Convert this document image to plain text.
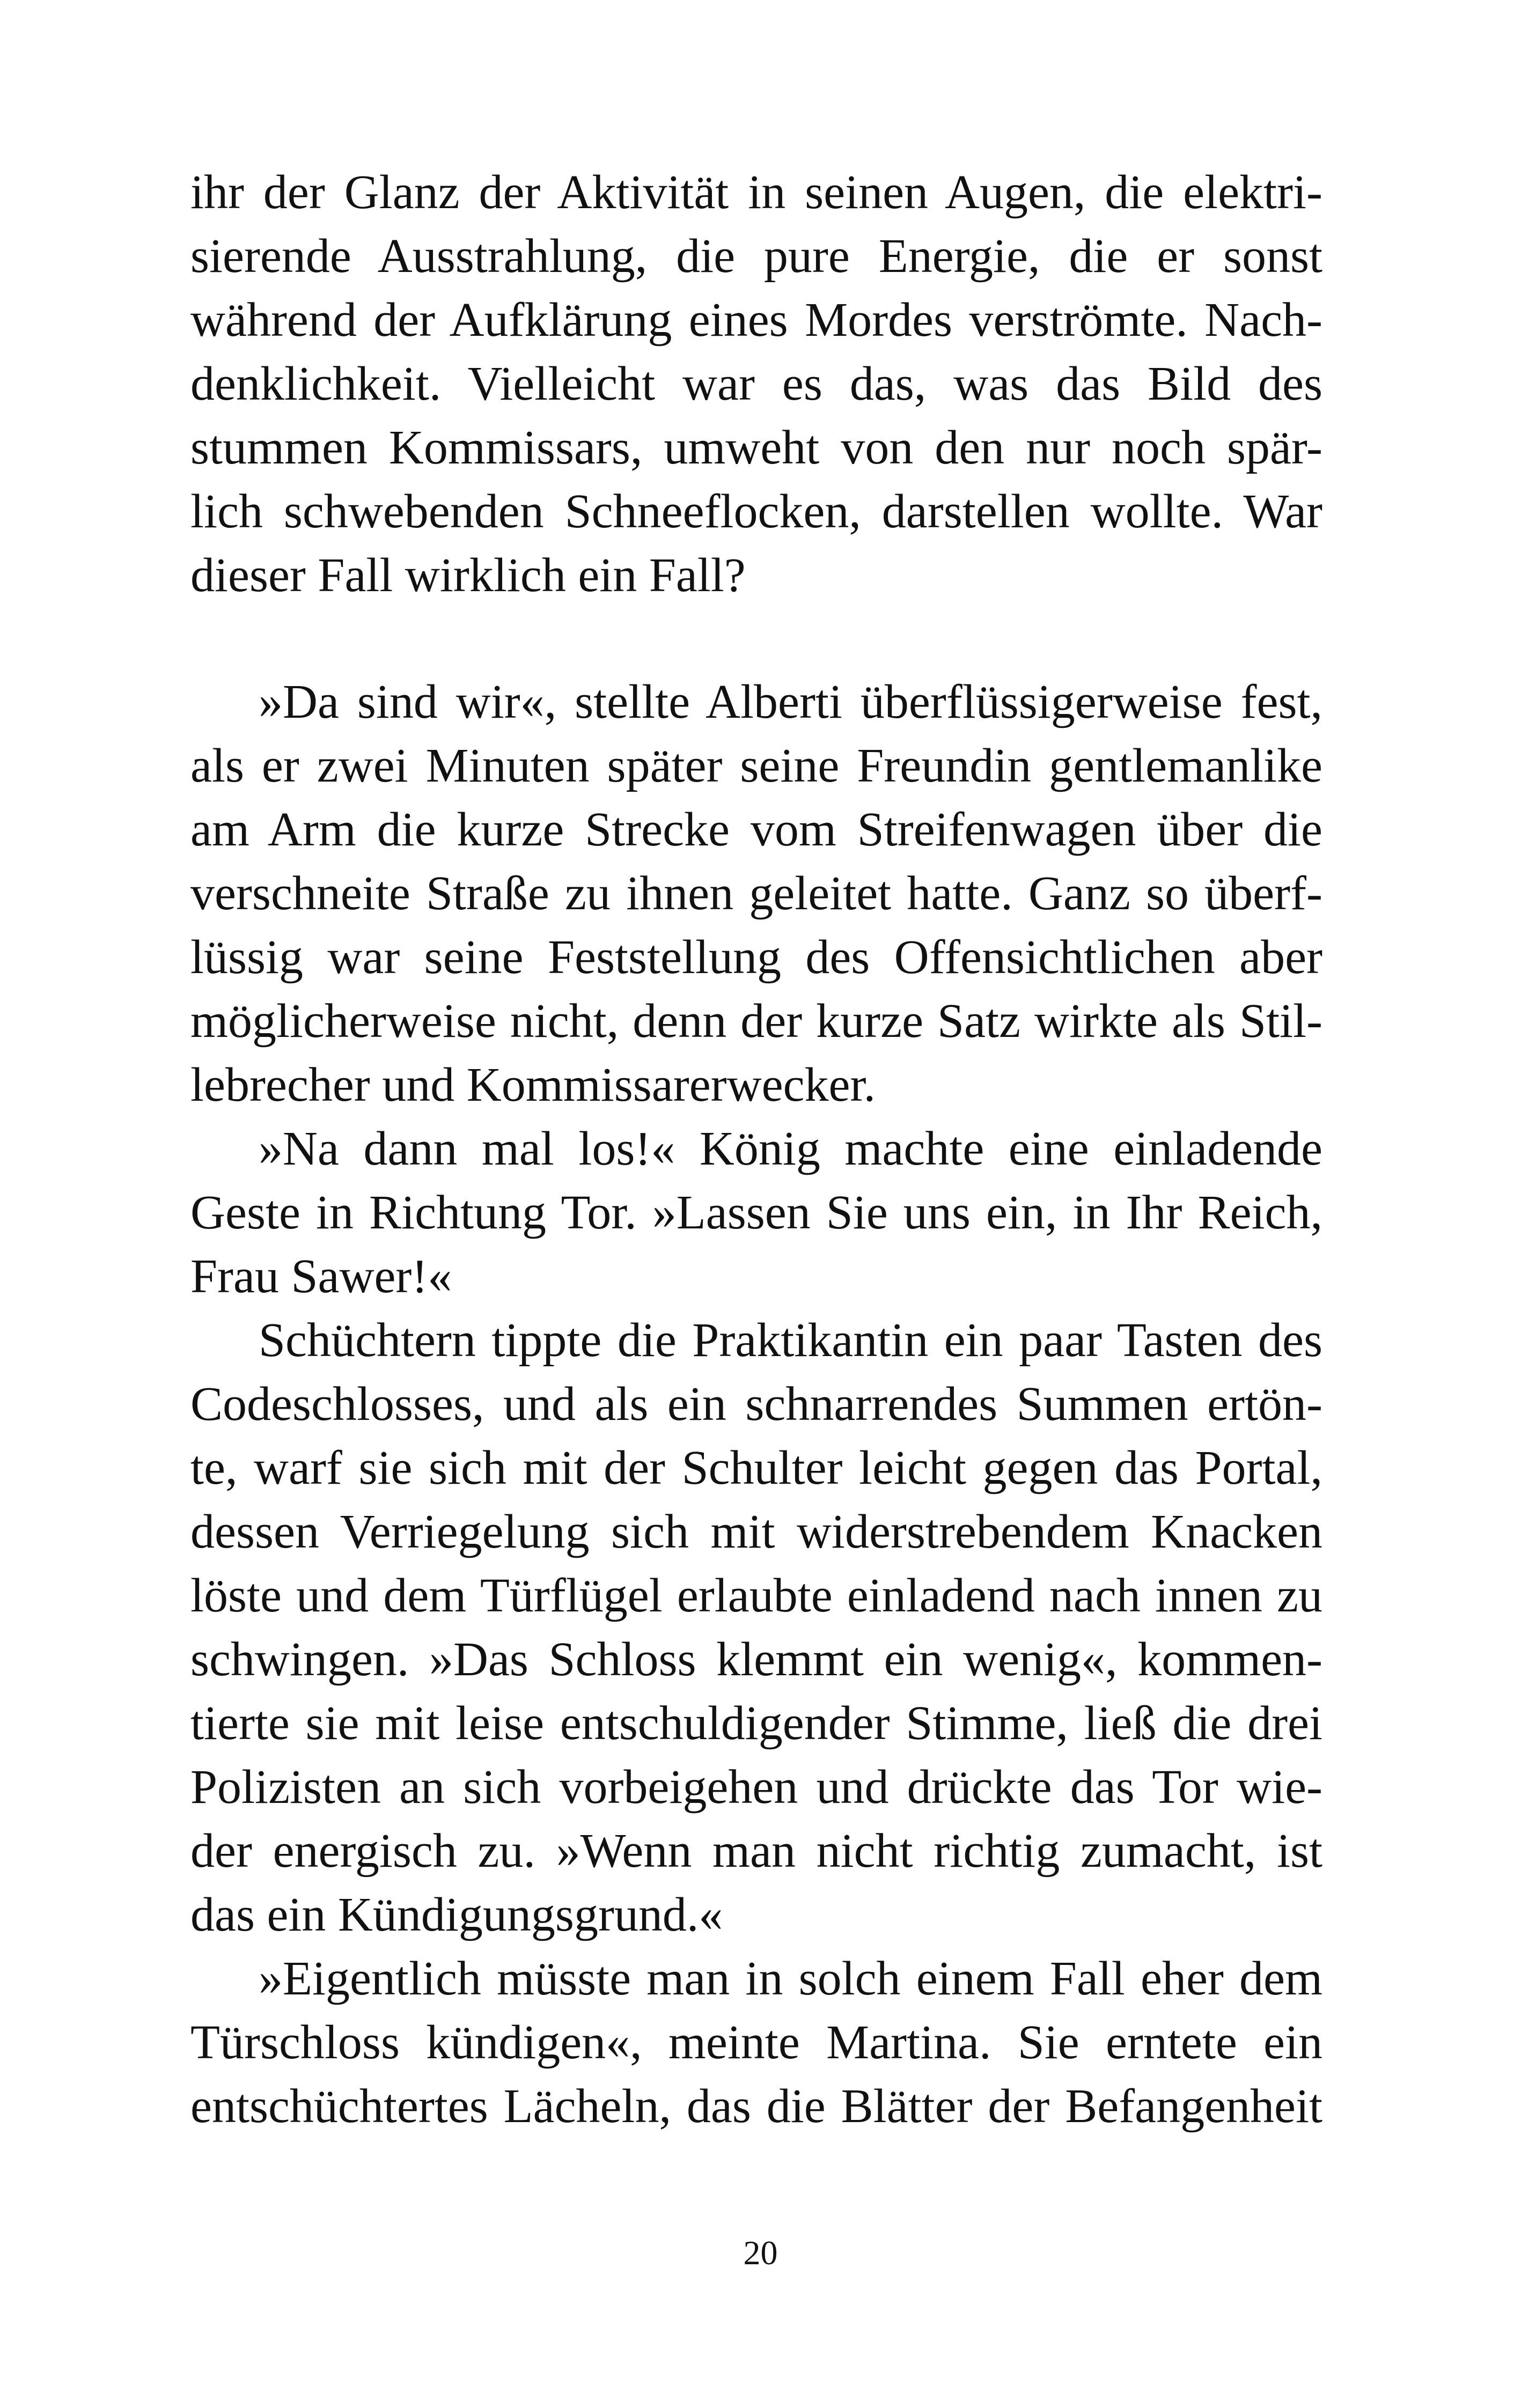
ihr der Glanz der Aktivität in seinen Augen, die elektri-
sierende Ausstrahlung, die pure Energie, die er sonst
während der Aufklärung eines Mordes verströmte. Nach-
denklichkeit. Vielleicht war es das, was das Bild des
stummen Kommissars, umweht von den nur noch spär-
lich schwebenden Schneeflocken, darstellen wollte. War
dieser Fall wirklich ein Fall?
»Da sind wir«, stellte Alberti überflüssigerweise fest,
als er zwei Minuten später seine Freundin gentlemanlike
am Arm die kurze Strecke vom Streifenwagen über die
verschneite Straße zu ihnen geleitet hatte. Ganz so überf-
lüssig war seine Feststellung des Offensichtlichen aber
möglicherweise nicht, denn der kurze Satz wirkte als Stil-
lebrecher und Kommissarerwecker.
»Na dann mal los!« König machte eine einladende
Geste in Richtung Tor. »Lassen Sie uns ein, in Ihr Reich,
Frau Sawer!«
Schüchtern tippte die Praktikantin ein paar Tasten des
Codeschlosses, und als ein schnarrendes Summen ertön-
te, warf sie sich mit der Schulter leicht gegen das Portal,
dessen Verriegelung sich mit widerstrebendem Knacken
löste und dem Türflügel erlaubte einladend nach innen zu
schwingen. »Das Schloss klemmt ein wenig«, kommen-
tierte sie mit leise entschuldigender Stimme, ließ die drei
Polizisten an sich vorbeigehen und drückte das Tor wie-
der energisch zu. »Wenn man nicht richtig zumacht, ist
das ein Kündigungsgrund.«
»Eigentlich müsste man in solch einem Fall eher dem
Türschloss kündigen«, meinte Martina. Sie erntete ein
entschüchtertes Lächeln, das die Blätter der Befangenheit
20
